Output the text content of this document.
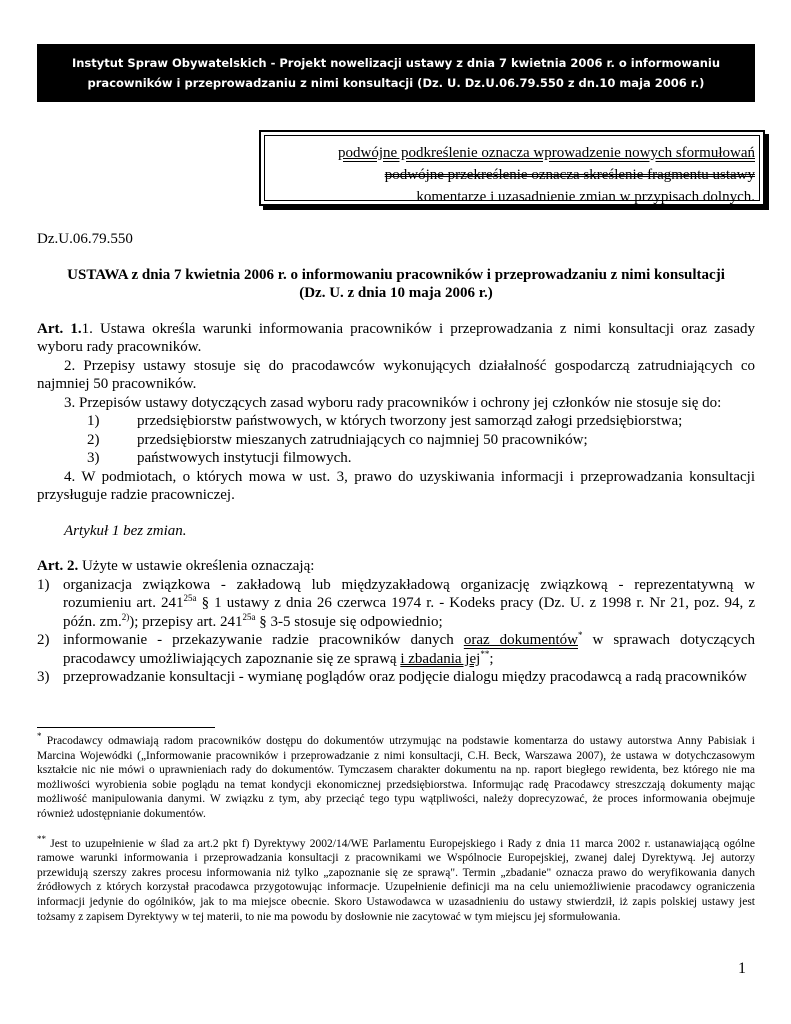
Instytut Spraw Obywatelskich - Projekt nowelizacji ustawy z dnia 7 kwietnia 2006 r. o informowaniu
pracowników i przeprowadzaniu z nimi konsultacji (Dz. U. Dz.U.06.79.550 z dn.10 maja 2006 r.)
podwójne podkreślenie oznacza wprowadzenie nowych sformułowań
podwójne przekreślenie oznacza skreślenie fragmentu ustawy
komentarze i uzasadnienie zmian w przypisach dolnych.

Dz.U.06.79.550

USTAWA z dnia 7 kwietnia 2006 r. o informowaniu pracowników i przeprowadzaniu z nimi konsultacji

(Dz. U. z dnia 10 maja 2006 r.)

Art. 1.1. Ustawa określa warunki informowania pracowników i przeprowadzania z nimi konsultacji oraz zasady wyboru rady pracowników.

2. Przepisy ustawy stosuje się do pracodawców wykonujących działalność gospodarczą zatrudniających co najmniej 50 pracowników.

3. Przepisów ustawy dotyczących zasad wyboru rady pracowników i ochrony jej członków nie stosuje się do:

1)	przedsiębiorstw państwowych, w których tworzony jest samorząd załogi przedsiębiorstwa;
2)	przedsiębiorstw mieszanych zatrudniających co najmniej 50 pracowników;
3)	państwowych instytucji filmowych.

4. W podmiotach, o których mowa w ust. 3, prawo do uzyskiwania informacji i przeprowadzania konsultacji przysługuje radzie pracowniczej.

Artykuł 1 bez zmian.

Art. 2. Użyte w ustawie określenia oznaczają:

1) organizacja związkowa - zakładową lub międzyzakładową organizację związkową - reprezentatywną w rozumieniu art. $241^{25a}$ § 1 ustawy z dnia 26 czerwca 1974 r. - Kodeks pracy (Dz. U. z 1998 r. Nr 21, poz. 94, z późn. zm.$^{2)}$); przepisy art. $241^{25a}$ § 3-5 stosuje się odpowiednio;
2) informowanie - przekazywanie radzie pracowników danych oraz dokumentów* w sprawach dotyczących pracodawcy umożliwiających zapoznanie się ze sprawą i zbadania jej**;
3) przeprowadzanie konsultacji - wymianę poglądów oraz podjęcie dialogu między pracodawcą a radą pracowników

* Pracodawcy odmawiają radom pracowników dostępu do dokumentów utrzymując na podstawie komentarza do ustawy autorstwa Anny Pabisiak i Marcina Wojewódki („Informowanie pracowników i przeprowadzanie z nimi konsultacji, C.H. Beck, Warszawa 2007), że ustawa w dotychczasowym kształcie nic nie mówi o uprawnieniach rady do dokumentów. Tymczasem charakter dokumentu na np. raport biegłego rewidenta, bez którego nie ma możliwości wyrobienia sobie poglądu na temat kondycji ekonomicznej przedsiębiorstwa. Informując radę Pracodawcy streszczają dokumenty mając możliwość manipulowania danymi. W związku z tym, aby przeciąć tego typu wątpliwości, należy doprecyzować, że proces informowania obejmuje również udostępnianie dokumentów.

** Jest to uzupełnienie w ślad za art.2 pkt f) Dyrektywy 2002/14/WE Parlamentu Europejskiego i Rady z dnia 11 marca 2002 r. ustanawiającą ogólne ramowe warunki informowania i przeprowadzania konsultacji z pracownikami we Wspólnocie Europejskiej, zwanej dalej Dyrektywą. Jej autorzy przewidują szerszy zakres procesu informowania niż tylko „zapoznanie się ze sprawą". Termin „zbadanie" oznacza prawo do weryfikowania danych źródłowych z których korzystał pracodawca przygotowując informacje. Uzupełnienie definicji ma na celu uniemożliwienie pracodawcy ograniczenia informacji jedynie do ogólników, jak to ma miejsce obecnie. Skoro Ustawodawca w uzasadnieniu do ustawy stwierdził, iż zapis polskiej ustawy jest tożsamy z zapisem Dyrektywy w tej materii, to nie ma powodu by dosłownie nie zacytować w tym miejscu jej sformułowania.

1
